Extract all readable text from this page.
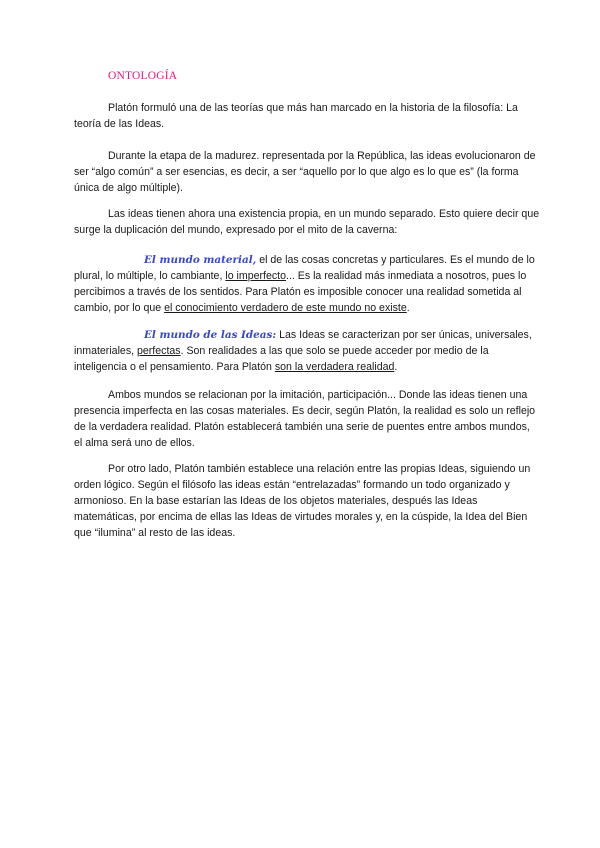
ONTOLOGÍA

Platón formuló una de las teorías que más han marcado en la historia de la filosofía: La teoría de las Ideas.

Durante la etapa de la madurez. representada por la República, las ideas evolucionaron de ser “algo común” a ser esencias, es decir, a ser “aquello por lo que algo es lo que es” (la forma única de algo múltiple).

Las ideas tienen ahora una existencia propia, en un mundo separado. Esto quiere decir que surge la duplicación del mundo, expresado por el mito de la caverna:

El mundo material, el de las cosas concretas y particulares. Es el mundo de lo plural, lo múltiple, lo cambiante, lo imperfecto... Es la realidad más inmediata a nosotros, pues lo percibimos a través de los sentidos. Para Platón es imposible conocer una realidad sometida al cambio, por lo que el conocimiento verdadero de este mundo no existe.

El mundo de las Ideas: Las Ideas se caracterizan por ser únicas, universales, inmateriales, perfectas. Son realidades a las que solo se puede acceder por medio de la inteligencia o el pensamiento. Para Platón son la verdadera realidad.

Ambos mundos se relacionan por la imitación, participación... Donde las ideas tienen una presencia imperfecta en las cosas materiales. Es decir, según Platón, la realidad es solo un reflejo de la verdadera realidad. Platón establecerá también una serie de puentes entre ambos mundos, el alma será uno de ellos.

Por otro lado, Platón también establece una relación entre las propias Ideas, siguiendo un orden lógico. Según el filósofo las ideas están “entrelazadas” formando un todo organizado y armonioso. En la base estarían las Ideas de los objetos materiales, después las Ideas matemáticas, por encima de ellas las Ideas de virtudes morales y, en la cúspide, la Idea del Bien que “ilumina” al resto de las ideas.
